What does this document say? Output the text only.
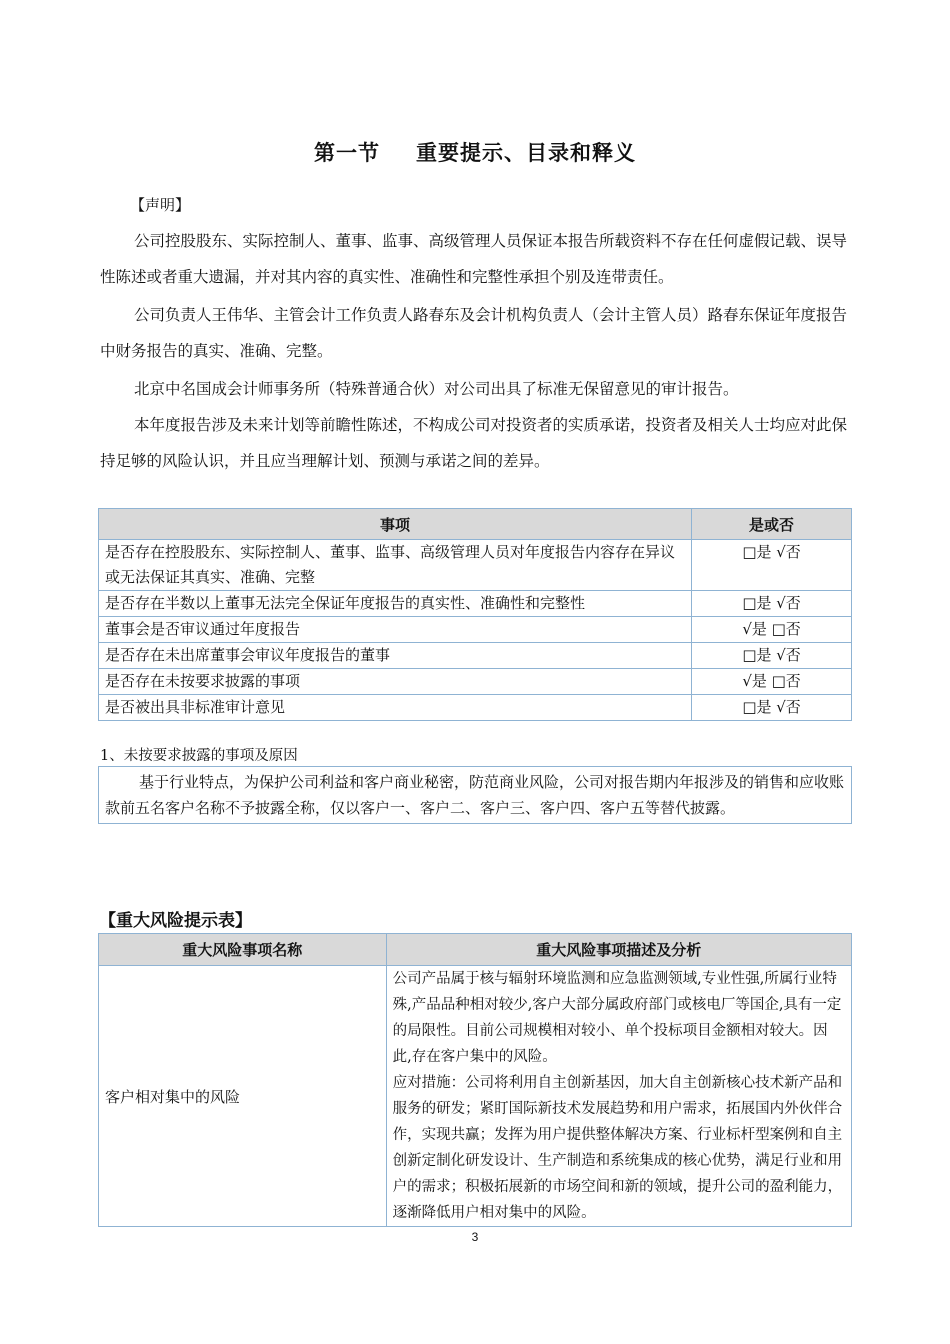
第一节 重要提示、目录和释义

【声明】

公司控股股东、实际控制人、董事、监事、高级管理人员保证本报告所载资料不存在任何虚假记载、误导性陈述或者重大遗漏，并对其内容的真实性、准确性和完整性承担个别及连带责任。

公司负责人王伟华、主管会计工作负责人路春东及会计机构负责人（会计主管人员）路春东保证年度报告中财务报告的真实、准确、完整。

北京中名国成会计师事务所（特殊普通合伙）对公司出具了标准无保留意见的审计报告。

本年度报告涉及未来计划等前瞻性陈述，不构成公司对投资者的实质承诺，投资者及相关人士均应对此保持足够的风险认识，并且应当理解计划、预测与承诺之间的差异。

事项	是或否
是否存在控股股东、实际控制人、董事、监事、高级管理人员对年度报告内容存在异议或无法保证其真实、准确、完整	□是 √否
是否存在半数以上董事无法完全保证年度报告的真实性、准确性和完整性	□是 √否
董事会是否审议通过年度报告	√是 □否
是否存在未出席董事会审议年度报告的董事	□是 √否
是否存在未按要求披露的事项	√是 □否
是否被出具非标准审计意见	□是 √否
1、未按要求披露的事项及原因
基于行业特点，为保护公司利益和客户商业秘密，防范商业风险，公司对报告期内年报涉及的销售和应收账款前五名客户名称不予披露全称，仅以客户一、客户二、客户三、客户四、客户五等替代披露。
【重大风险提示表】
重大风险事项名称	重大风险事项描述及分析
客户相对集中的风险	公司产品属于核与辐射环境监测和应急监测领域,专业性强,所属行业特殊,产品品种相对较少,客户大部分属政府部门或核电厂等国企,具有一定的局限性。目前公司规模相对较小、单个投标项目金额相对较大。因此,存在客户集中的风险。

应对措施：公司将利用自主创新基因，加大自主创新核心技术新产品和服务的研发；紧盯国际新技术发展趋势和用户需求，拓展国内外伙伴合作，实现共赢；发挥为用户提供整体解决方案、行业标杆型案例和自主创新定制化研发设计、生产制造和系统集成的核心优势，满足行业和用户的需求；积极拓展新的市场空间和新的领域，提升公司的盈利能力，逐渐降低用户相对集中的风险。

3
